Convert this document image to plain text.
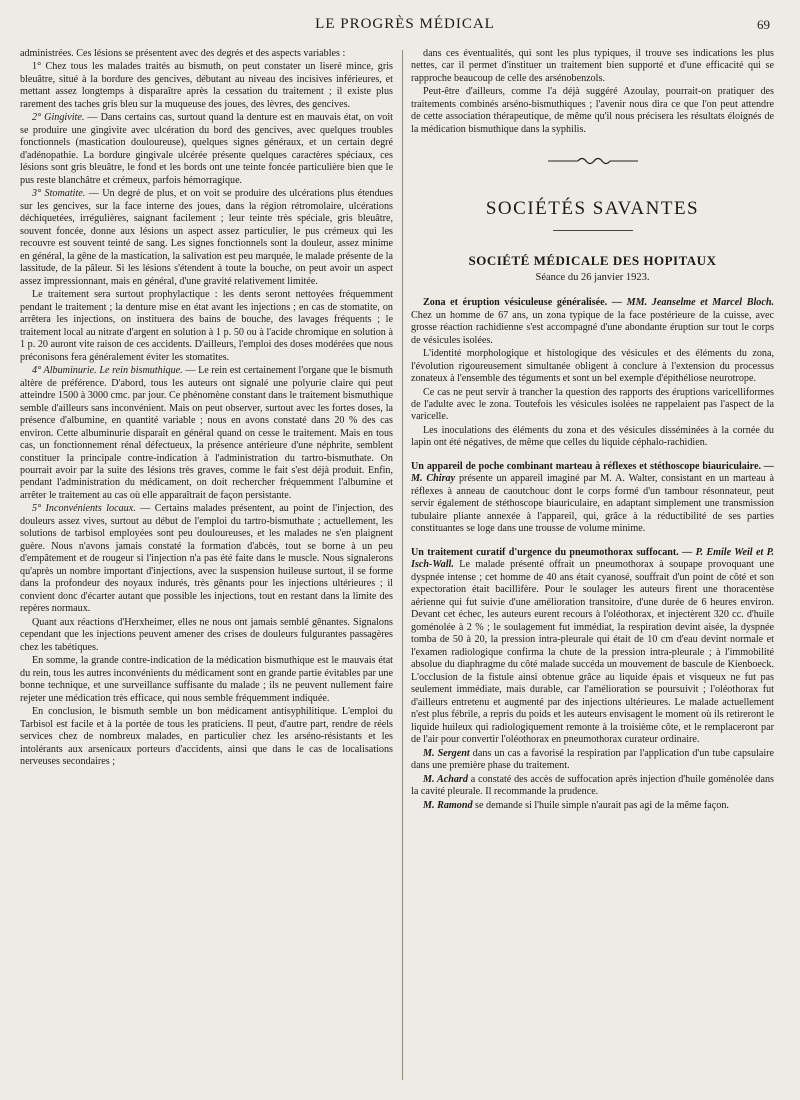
LE PROGRÈS MÉDICAL	69

administrées. Ces lésions se présentent avec des degrés et des aspects variables :

1° Chez tous les malades traités au bismuth, on peut constater un liseré mince, gris bleuâtre, situé à la bordure des gencives, débutant au niveau des incisives inférieures, et mettant assez longtemps à disparaître après la cessation du traitement ; il existe plus rarement des taches gris bleu sur la muqueuse des joues, des lèvres, des gencives.

2° Gingivite. — Dans certains cas, surtout quand la denture est en mauvais état, on voit se produire une gingivite avec ulcération du bord des gencives, avec quelques troubles fonctionnels (mastication douloureuse), quelques signes généraux, et un certain degré d'adénopathie. La bordure gingivale ulcérée présente quelques caractères spéciaux, ces lésions sont gris bleuâtre, le fond et les bords ont une teinte foncée particulière bien que le pus reste blanchâtre et crémeux, parfois hémorragique.

3° Stomatite. — Un degré de plus, et on voit se produire des ulcérations plus étendues sur les gencives, sur la face interne des joues, dans la région rétromolaire, ulcérations déchiquetées, irrégulières, saignant facilement ; leur teinte très spéciale, gris bleuâtre, souvent foncée, donne aux lésions un aspect assez particulier, le pus crémeux qui les recouvre est souvent teinté de sang. Les signes fonctionnels sont la douleur, assez minime en général, la gêne de la mastication, la salivation est peu marquée, le malade présente de la lassitude, de la pâleur. Si les lésions s'étendent à toute la bouche, on peut avoir un aspect assez impressionnant, mais en général, d'une gravité relativement limitée.

Le traitement sera surtout prophylactique : les dents seront nettoyées fréquemment pendant le traitement ; la denture mise en état avant les injections ; en cas de stomatite, on arrêtera les injections, on instituera des bains de bouche, des lavages fréquents ; le traitement local au nitrate d'argent en solution à 1 p. 50 ou à l'acide chromique en solution à 1 p. 20 auront vite raison de ces accidents. D'ailleurs, l'emploi des doses modérées que nous préconisons fera généralement éviter les stomatites.

4° Albuminurie. Le rein bismuthique. — Le rein est certainement l'organe que le bismuth altère de préférence. D'abord, tous les auteurs ont signalé une polyurie claire qui peut atteindre 1500 à 3000 cmc. par jour. Ce phénomène constant dans le traitement bismuthique semble d'ailleurs sans inconvénient. Mais on peut observer, surtout avec les fortes doses, la présence d'albumine, en quantité variable ; nous en avons constaté dans 20 % des cas environ. Cette albuminurie disparaît en général quand on cesse le traitement. Mais en tous cas, un fonctionnement rénal défectueux, la présence antérieure d'une néphrite, semblent constituer la principale contre-indication à l'administration du tartro-bismuthate. On pourrait avoir par la suite des lésions très graves, comme le fait s'est déjà produit. Enfin, pendant l'administration du médicament, on doit rechercher fréquemment l'albumine et arrêter le traitement au cas où elle apparaîtrait de façon persistante.

5° Inconvénients locaux. — Certains malades présentent, au point de l'injection, des douleurs assez vives, surtout au début de l'emploi du tartro-bismuthate ; actuellement, les solutions de tarbisol employées sont peu douloureuses, et les malades ne s'en plaignent guère. Nous n'avons jamais constaté la formation d'abcès, tout se borne à un peu d'empâtement et de rougeur si l'injection n'a pas été faite dans le muscle. Nous signalerons qu'après un nombre important d'injections, avec la suspension huileuse surtout, il se forme dans la profondeur des noyaux indurés, très gênants pour les injections ultérieures ; il convient donc d'écarter autant que possible les injections, tout en restant dans la limite des repères normaux.

Quant aux réactions d'Herxheimer, elles ne nous ont jamais semblé gênantes. Signalons cependant que les injections peuvent amener des crises de douleurs fulgurantes passagères chez les tabétiques.

En somme, la grande contre-indication de la médication bismuthique est le mauvais état du rein, tous les autres inconvénients du médicament sont en grande partie évitables par une bonne technique, et une surveillance suffisante du malade ; ils ne peuvent nullement faire rejeter une médication très efficace, qui nous semble fréquemment indiquée.

En conclusion, le bismuth semble un bon médicament antisyphilitique. L'emploi du Tarbisol est facile et à la portée de tous les praticiens. Il peut, d'autre part, rendre de réels services chez de nombreux malades, en particulier chez les arséno-résistants et les intolérants aux arsenicaux porteurs d'accidents, ainsi que dans le cas de localisations nerveuses secondaires ;

dans ces éventualités, qui sont les plus typiques, il trouve ses indications les plus nettes, car il permet d'instituer un traitement bien supporté et d'une efficacité qui se rapproche beaucoup de celle des arsénobenzols.

Peut-être d'ailleurs, comme l'a déjà suggéré Azoulay, pourrait-on pratiquer des traitements combinés arséno-bismuthiques ; l'avenir nous dira ce que l'on peut attendre de cette association thérapeutique, de même qu'il nous précisera les résultats éloignés de la médication bismuthique dans la syphilis.

SOCIÉTÉS SAVANTES
SOCIÉTÉ MÉDICALE DES HOPITAUX
Séance du 26 janvier 1923.

Zona et éruption vésiculeuse généralisée. — MM. Jeanselme et Marcel Bloch. Chez un homme de 67 ans, un zona typique de la face postérieure de la cuisse, avec grosse réaction rachidienne s'est accompagné d'une abondante éruption sur tout le corps de vésicules isolées.

L'identité morphologique et histologique des vésicules et des éléments du zona, l'évolution rigoureusement simultanée obligent à conclure à l'extension du processus zonateux à l'ensemble des téguments et sont un bel exemple d'épithéliose neurotrope.

Ce cas ne peut servir à trancher la question des rapports des éruptions varicelliformes de l'adulte avec le zona. Toutefois les vésicules isolées ne rappelaient pas l'aspect de la varicelle.

Les inoculations des éléments du zona et des vésicules disséminées à la cornée du lapin ont été négatives, de même que celles du liquide céphalo-rachidien.

Un appareil de poche combinant marteau à réflexes et stéthoscope biauriculaire. — M. Chiray présente un appareil imaginé par M. A. Walter, consistant en un marteau à réflexes à anneau de caoutchouc dont le corps formé d'un tambour résonnateur, peut servir également de stéthoscope biauriculaire, en adaptant simplement une transmission tubulaire pliante annexée à l'appareil, qui, grâce à la réductibilité de ses parties constituantes se loge dans une trousse de volume minime.

Un traitement curatif d'urgence du pneumothorax suffocant. — P. Emile Weil et P. Isch-Wall. Le malade présenté offrait un pneumothorax à soupape provoquant une dyspnée intense ; cet homme de 40 ans était cyanosé, souffrait d'un point de côté et son expectoration était bacillifère. Pour le soulager les auteurs firent une thoracentèse aérienne qui fut suivie d'une amélioration transitoire, d'une durée de 6 heures environ. Devant cet échec, les auteurs eurent recours à l'oléothorax, et injectèrent 320 cc. d'huile goménolée à 2 % ; le soulagement fut immédiat, la respiration devint aisée, la dyspnée tomba de 50 à 20, la pression intra-pleurale qui était de 10 cm d'eau devint normale et l'examen radiologique confirma la chute de la pression intra-pleurale ; à l'immobilité absolue du diaphragme du côté malade succéda un mouvement de bascule de Kienboeck. L'occlusion de la fistule ainsi obtenue grâce au liquide épais et visqueux ne fut pas seulement immédiate, mais durable, car l'amélioration se poursuivit ; l'oléothorax fut d'ailleurs entretenu et augmenté par des injections ultérieures. Le malade actuellement n'est plus fébrile, a repris du poids et les auteurs envisagent le moment où ils retireront le liquide huileux qui radiologiquement remonte à la troisième côte, et le remplaceront par de l'air pour convertir l'oléothorax en pneumothorax curateur ordinaire.

M. Sergent dans un cas a favorisé la respiration par l'application d'un tube capsulaire dans une première phase du traitement.

M. Achard a constaté des accès de suffocation après injection d'huile goménolée dans la cavité pleurale. Il recommande la prudence.

M. Ramond se demande si l'huile simple n'aurait pas agi de la même façon.
